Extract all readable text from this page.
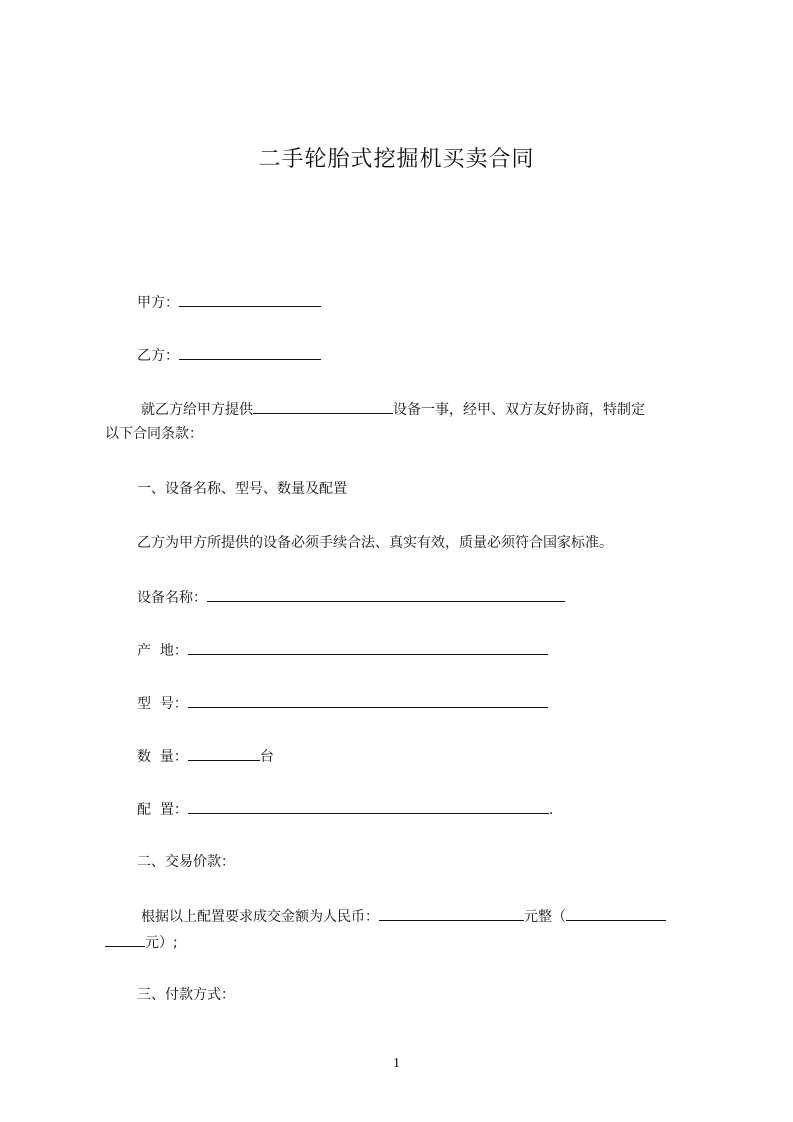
二手轮胎式挖掘机买卖合同
甲方：
乙方：
就乙方给甲方提供	设备一事，经甲、双方友好协商，特制定
以下合同条款：
一、设备名称、型号、数量及配置
乙方为甲方所提供的设备必须手续合法、真实有效，质量必须符合国家标准。
设备名称：
产  地：
型  号：
数  量：	台
配  置：	.
二、交易价款：
根据以上配置要求成交金额为人民币：	元整（
元）;
三、付款方式：
1
